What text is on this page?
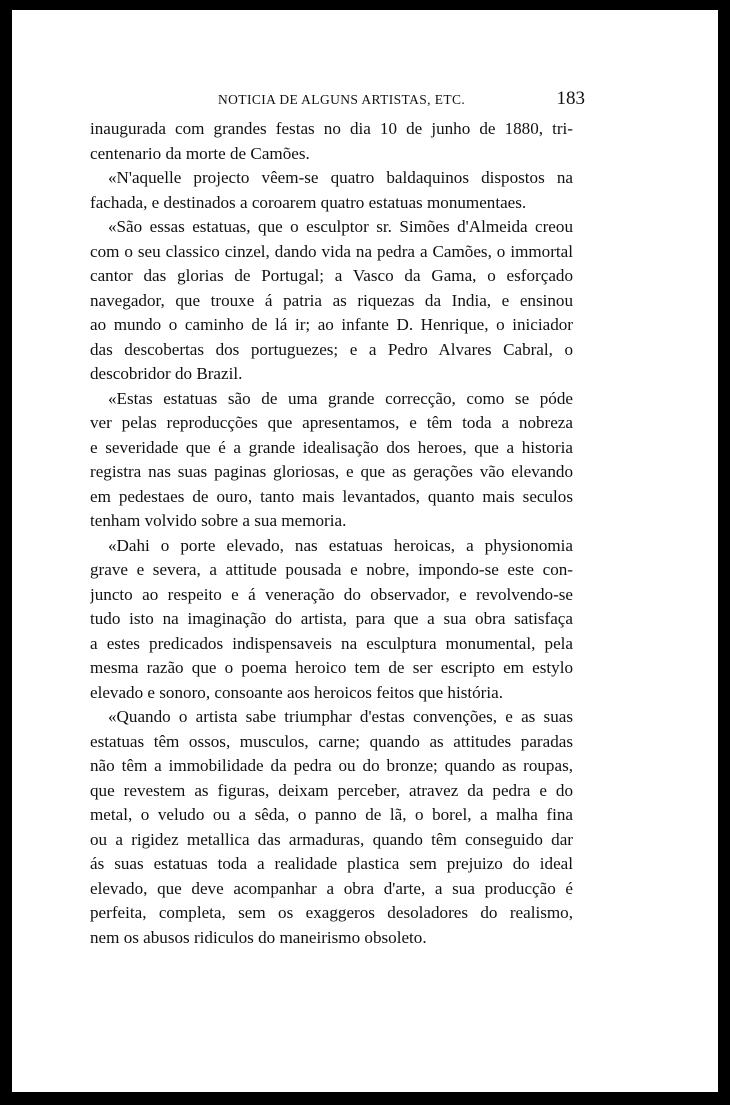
NOTICIA DE ALGUNS ARTISTAS, ETC.	183
inaugurada com grandes festas no dia 10 de junho de 1880, tri-
centenario da morte de Camões.
«N'aquelle projecto vêem-se quatro baldaquinos dispostos na
fachada, e destinados a coroarem quatro estatuas monumentaes.
«São essas estatuas, que o esculptor sr. Simões d'Almeida creou
com o seu classico cinzel, dando vida na pedra a Camões, o immortal
cantor das glorias de Portugal; a Vasco da Gama, o esforçado
navegador, que trouxe á patria as riquezas da India, e ensinou
ao mundo o caminho de lá ir; ao infante D. Henrique, o iniciador
das descobertas dos portuguezes; e a Pedro Alvares Cabral, o
descobridor do Brazil.
«Estas estatuas são de uma grande correcção, como se póde
ver pelas reproducções que apresentamos, e têm toda a nobreza
e severidade que é a grande idealisação dos heroes, que a historia
registra nas suas paginas gloriosas, e que as gerações vão elevando
em pedestaes de ouro, tanto mais levantados, quanto mais seculos
tenham volvido sobre a sua memoria.
«Dahi o porte elevado, nas estatuas heroicas, a physionomia
grave e severa, a attitude pousada e nobre, impondo-se este con-
juncto ao respeito e á veneração do observador, e revolvendo-se
tudo isto na imaginação do artista, para que a sua obra satisfaça
a estes predicados indispensaveis na esculptura monumental, pela
mesma razão que o poema heroico tem de ser escripto em estylo
elevado e sonoro, consoante aos heroicos feitos que história.
«Quando o artista sabe triumphar d'estas convenções, e as suas
estatuas têm ossos, musculos, carne; quando as attitudes paradas
não têm a immobilidade da pedra ou do bronze; quando as roupas,
que revestem as figuras, deixam perceber, atravez da pedra e do
metal, o veludo ou a sêda, o panno de lã, o borel, a malha fina
ou a rigidez metallica das armaduras, quando têm conseguido dar
ás suas estatuas toda a realidade plastica sem prejuizo do ideal
elevado, que deve acompanhar a obra d'arte, a sua producção é
perfeita, completa, sem os exaggeros desoladores do realismo,
nem os abusos ridiculos do maneirismo obsoleto.
